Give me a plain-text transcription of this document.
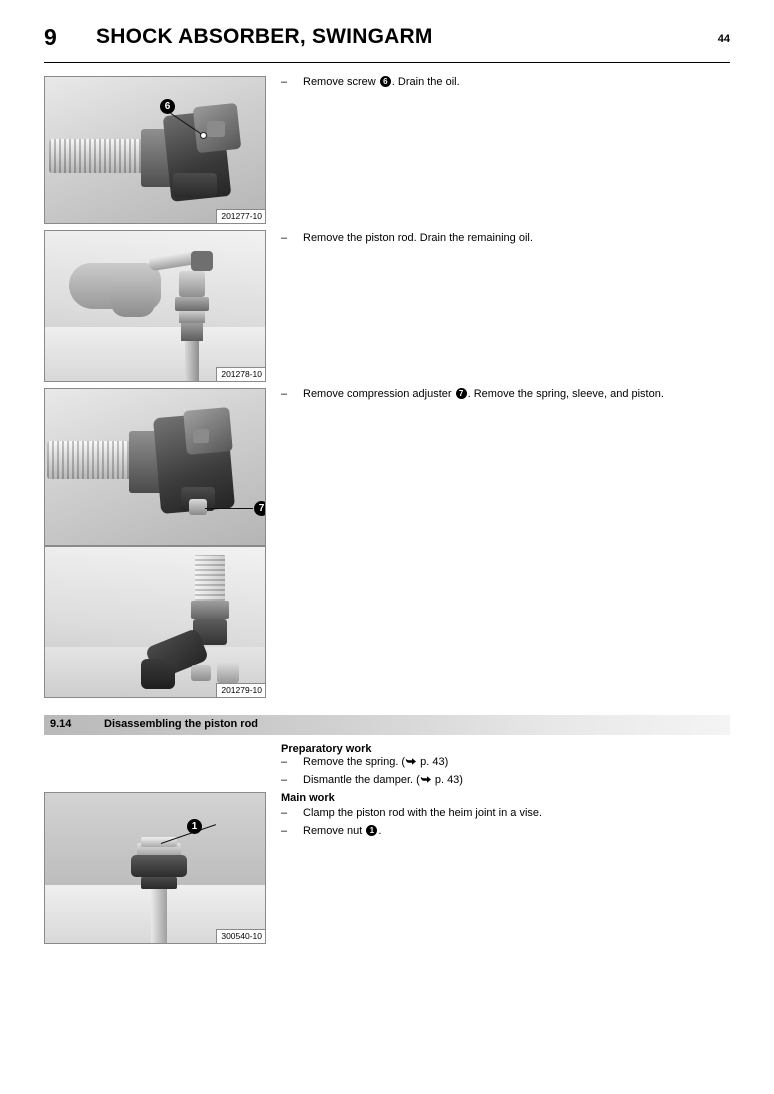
9 SHOCK ABSORBER, SWINGARM	44
6
201277-10
201278-10
7
201279-10
–	Remove screw 6 . Drain the oil.
–	Remove the piston rod. Drain the remaining oil.
–	Remove compression adjuster 7 . Remove the spring, sleeve, and piston.
9.14	Disassembling the piston rod
Preparatory work
–	Remove the spring. ( p. 43)
–	Dismantle the damper. ( p. 43)
Main work
–	Clamp the piston rod with the heim joint in a vise.
–	Remove nut 1 .
1
300540-10
